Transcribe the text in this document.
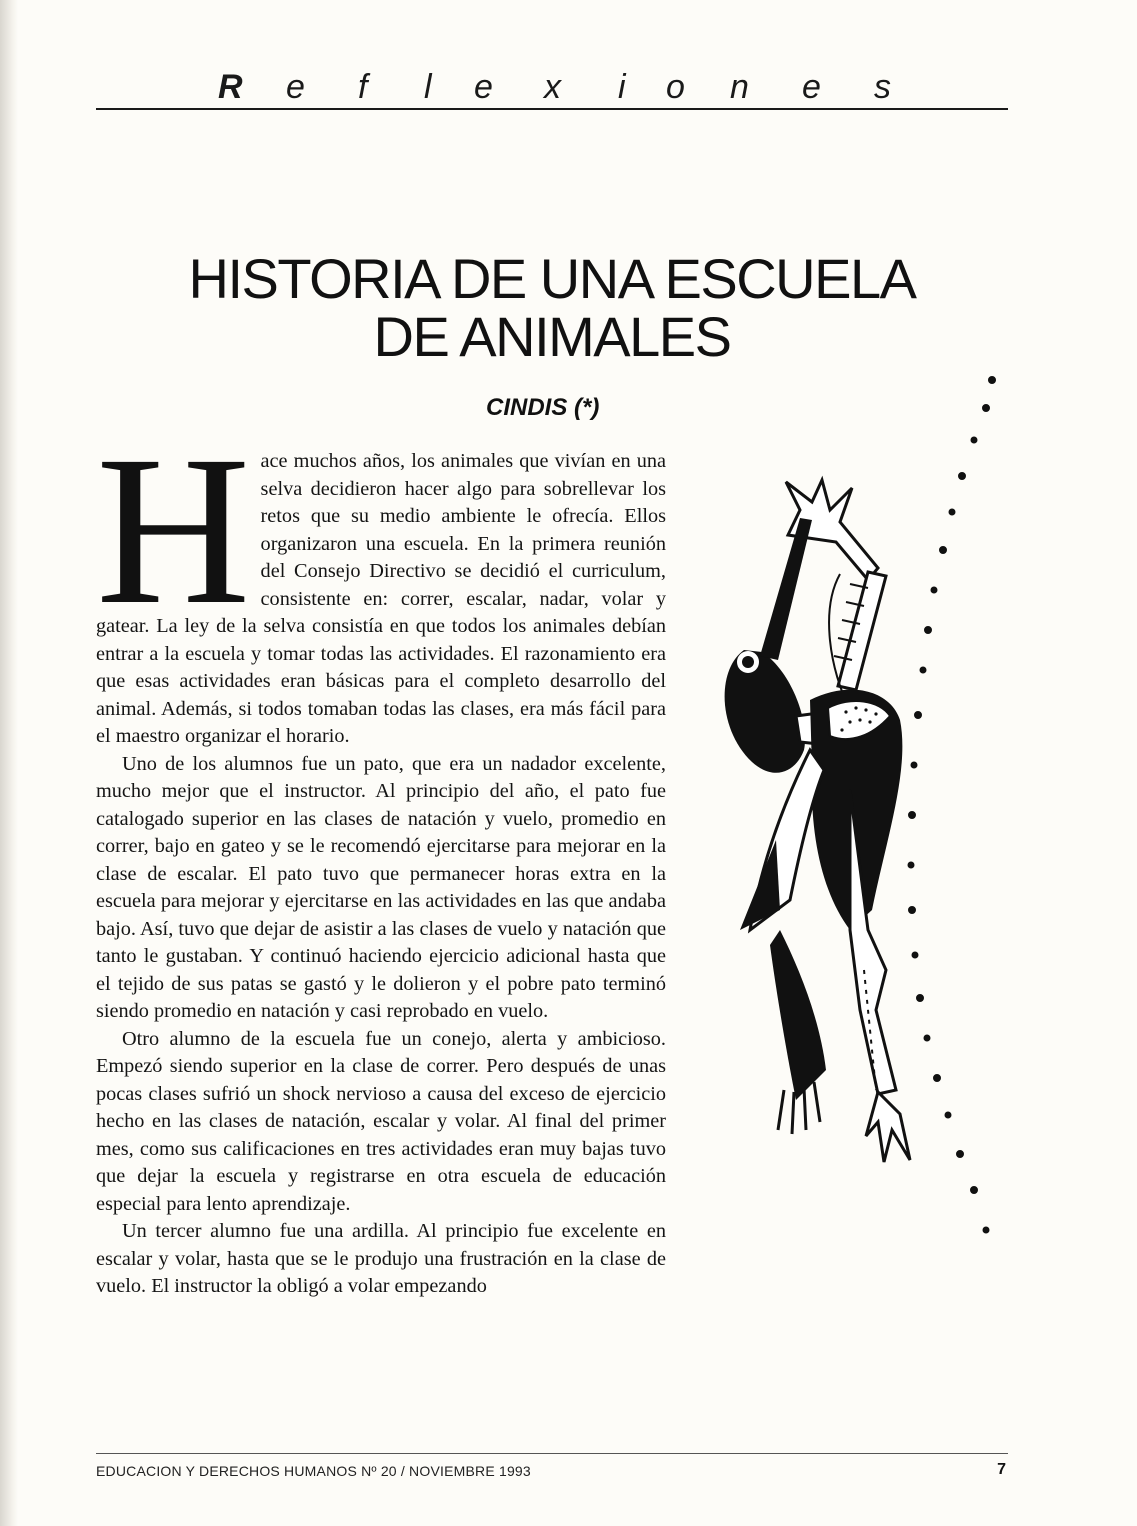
R e f l e x i o n e s
HISTORIA DE UNA ESCUELA
DE ANIMALES
CINDIS (*)

Hace muchos años, los animales que vivían en una selva decidieron hacer algo para sobrellevar los retos que su medio ambiente le ofrecía. Ellos organizaron una escuela. En la primera reunión del Consejo Directivo se decidió el curriculum, consistente en: correr, escalar, nadar, volar y gatear. La ley de la selva consistía en que todos los animales debían entrar a la escuela y tomar todas las actividades. El razonamiento era que esas actividades eran básicas para el completo desarrollo del animal. Además, si todos tomaban todas las clases, era más fácil para el maestro organizar el horario.

Uno de los alumnos fue un pato, que era un nadador excelente, mucho mejor que el instructor. Al principio del año, el pato fue catalogado superior en las clases de natación y vuelo, promedio en correr, bajo en gateo y se le recomendó ejercitarse para mejorar en la clase de escalar. El pato tuvo que permanecer horas extra en la escuela para mejorar y ejercitarse en las actividades en las que andaba bajo. Así, tuvo que dejar de asistir a las clases de vuelo y natación que tanto le gustaban. Y continuó haciendo ejercicio adicional hasta que el tejido de sus patas se gastó y le dolieron y el pobre pato terminó siendo promedio en natación y casi reprobado en vuelo.

Otro alumno de la escuela fue un conejo, alerta y ambicioso. Empezó siendo superior en la clase de correr. Pero después de unas pocas clases sufrió un shock nervioso a causa del exceso de ejercicio hecho en las clases de natación, escalar y volar. Al final del primer mes, como sus calificaciones en tres actividades eran muy bajas tuvo que dejar la escuela y registrarse en otra escuela de educación especial para lento aprendizaje.

Un tercer alumno fue una ardilla. Al principio fue excelente en escalar y volar, hasta que se le produjo una frustración en la clase de vuelo. El instructor la obligó a volar empezando

EDUCACION Y DERECHOS HUMANOS Nº 20 / NOVIEMBRE 1993	7
